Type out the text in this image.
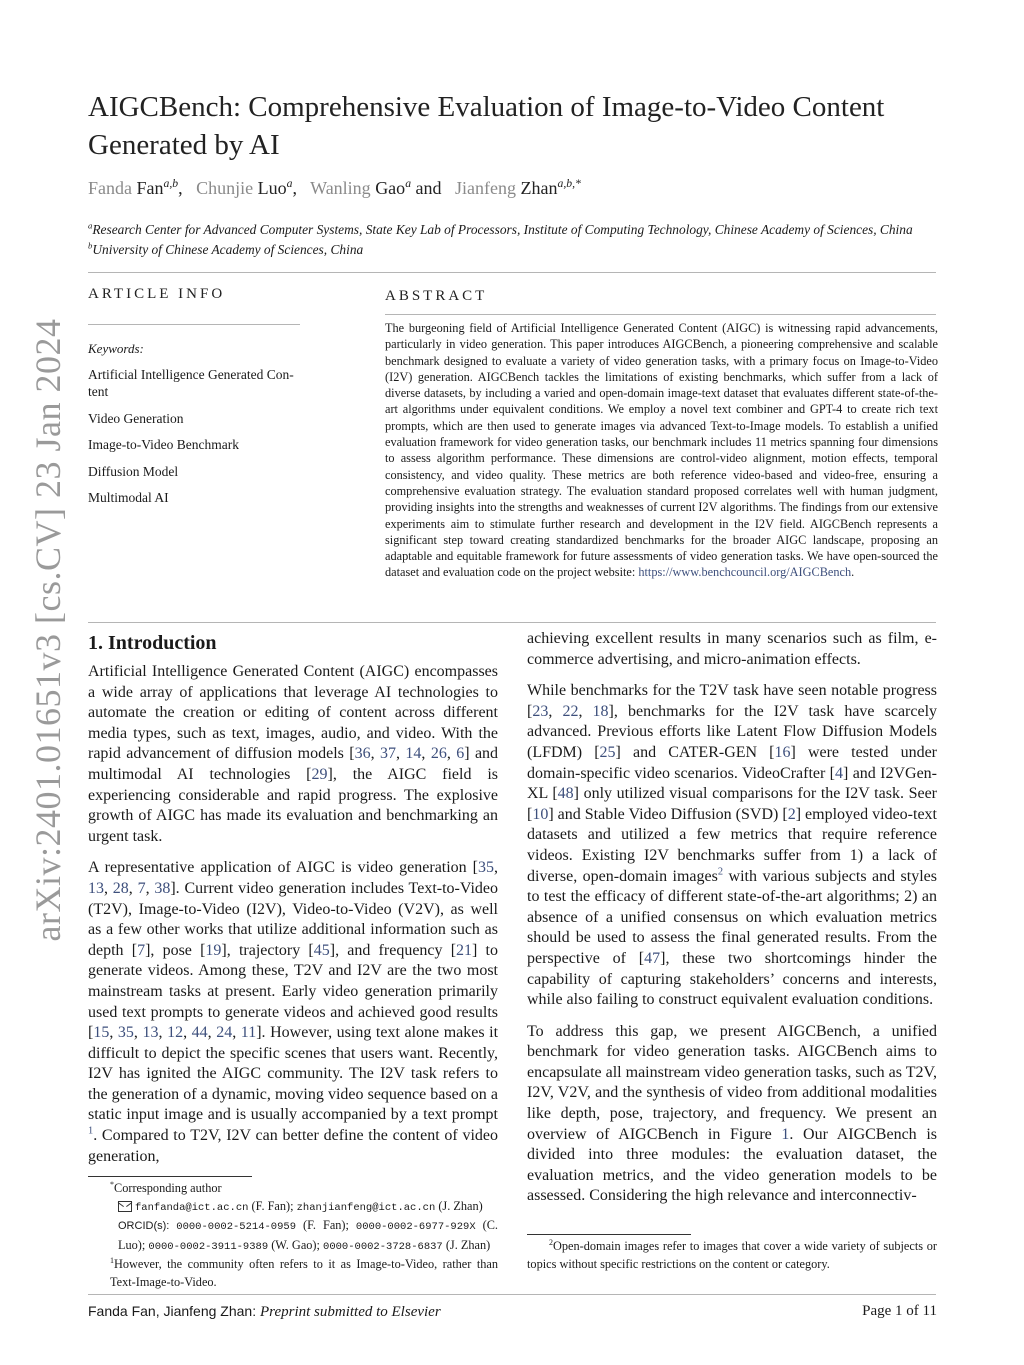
arXiv:2401.01651v3 [cs.CV] 23 Jan 2024
AIGCBench: Comprehensive Evaluation of Image-to-Video Content Generated by AI
Fanda Fan$^{a,b}$,   Chunjie Luo$^a$,   Wanling Gao$^a$ and   Jianfeng Zhan$^{a,b,*}$
$^a$Research Center for Advanced Computer Systems, State Key Lab of Processors, Institute of Computing Technology, Chinese Academy of Sciences, China
$^b$University of Chinese Academy of Sciences, China
ARTICLE INFO
Keywords:
Artificial Intelligence Generated Con- tent
Video Generation
Image-to-Video Benchmark
Diffusion Model
Multimodal AI
ABSTRACT
The burgeoning field of Artificial Intelligence Generated Content (AIGC) is witnessing rapid advancements, particularly in video generation. This paper introduces AIGCBench, a pioneering comprehensive and scalable benchmark designed to evaluate a variety of video generation tasks, with a primary focus on Image-to-Video (I2V) generation. AIGCBench tackles the limitations of existing benchmarks, which suffer from a lack of diverse datasets, by including a varied and open-domain image-text dataset that evaluates different state-of-the-art algorithms under equivalent conditions. We employ a novel text combiner and GPT-4 to create rich text prompts, which are then used to generate images via advanced Text-to-Image models. To establish a unified evaluation framework for video generation tasks, our benchmark includes 11 metrics spanning four dimensions to assess algorithm performance. These dimensions are control-video alignment, motion effects, temporal consistency, and video quality. These metrics are both reference video-based and video-free, ensuring a comprehensive evaluation strategy. The evaluation standard proposed correlates well with human judgment, providing insights into the strengths and weaknesses of current I2V algorithms. The findings from our extensive experiments aim to stimulate further research and development in the I2V field. AIGCBench represents a significant step toward creating standardized benchmarks for the broader AIGC landscape, proposing an adaptable and equitable framework for future assessments of video generation tasks. We have open-sourced the dataset and evaluation code on the project website: https://www.benchcouncil.org/AIGCBench.
1. Introduction

Artificial Intelligence Generated Content (AIGC) encompasses a wide array of applications that leverage AI technologies to automate the creation or editing of content across different media types, such as text, images, audio, and video. With the rapid advancement of diffusion models [36, 37, 14, 26, 6] and multimodal AI technologies [29], the AIGC field is experiencing considerable and rapid progress. The explosive growth of AIGC has made its evaluation and benchmarking an urgent task.

A representative application of AIGC is video generation [35, 13, 28, 7, 38]. Current video generation includes Text-to-Video (T2V), Image-to-Video (I2V), Video-to-Video (V2V), as well as a few other works that utilize additional information such as depth [7], pose [19], trajectory [45], and frequency [21] to generate videos. Among these, T2V and I2V are the two most mainstream tasks at present. Early video generation primarily used text prompts to generate videos and achieved good results [15, 35, 13, 12, 44, 24, 11]. However, using text alone makes it difficult to depict the specific scenes that users want. Recently, I2V has ignited the AIGC community. The I2V task refers to the generation of a dynamic, moving video sequence based on a static input image and is usually accompanied by a text prompt $^1$. Compared to T2V, I2V can better define the content of video generation,

achieving excellent results in many scenarios such as film, e-commerce advertising, and micro-animation effects.

While benchmarks for the T2V task have seen notable progress [23, 22, 18], benchmarks for the I2V task have scarcely advanced. Previous efforts like Latent Flow Diffusion Models (LFDM) [25] and CATER-GEN [16] were tested under domain-specific video scenarios. VideoCrafter [4] and I2VGen-XL [48] only utilized visual comparisons for the I2V task. Seer [10] and Stable Video Diffusion (SVD) [2] employed video-text datasets and utilized a few metrics that require reference videos. Existing I2V benchmarks suffer from 1) a lack of diverse, open-domain images$^2$ with various subjects and styles to test the efficacy of different state-of-the-art algorithms; 2) an absence of a unified consensus on which evaluation metrics should be used to assess the final generated results. From the perspective of [47], these two shortcomings hinder the capability of capturing stakeholders’ concerns and interests, while also failing to construct equivalent evaluation conditions.

To address this gap, we present AIGCBench, a unified benchmark for video generation tasks. AIGCBench aims to encapsulate all mainstream video generation tasks, such as T2V, I2V, V2V, and the synthesis of video from additional modalities like depth, pose, trajectory, and frequency. We present an overview of AIGCBench in Figure 1. Our AIGCBench is divided into three modules: the evaluation dataset, the evaluation metrics, and the video generation models to be assessed. Considering the high relevance and interconnectiv-

*Corresponding author
fanfanda@ict.ac.cn (F. Fan); zhanjianfeng@ict.ac.cn (J. Zhan)
ORCID(s): 0000-0002-5214-0959 (F. Fan); 0000-0002-6977-929X (C. Luo); 0000-0002-3911-9389 (W. Gao); 0000-0002-3728-6837 (J. Zhan)
$^1$However, the community often refers to it as Image-to-Video, rather than Text-Image-to-Video.
$^2$Open-domain images refer to images that cover a wide variety of subjects or topics without specific restrictions on the content or category.
Fanda Fan, Jianfeng Zhan: Preprint submitted to Elsevier	Page 1 of 11
